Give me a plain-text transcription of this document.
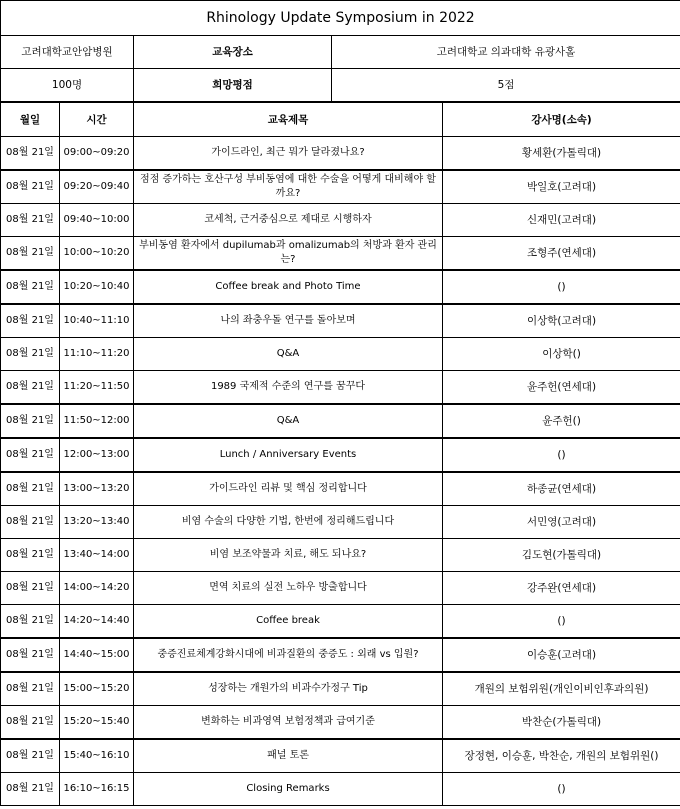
Rhinology Update Symposium in 2022				
고려대학교안암병원		교육장소	고려대학교 의과대학 유광사홀	
100명		희망평점	5점	
월일	시간	교육제목		강사명(소속)
08월 21일	09:00~09:20	가이드라인, 최근 뭐가 달라졌나요?		황세환(가톨릭대)
08월 21일	09:20~09:40	점점 증가하는 호산구성 부비동염에 대한 수술을 어떻게 대비해야 할까요?		박일호(고려대)
08월 21일	09:40~10:00	코세척, 근거중심으로 제대로 시행하자		신재민(고려대)
08월 21일	10:00~10:20	부비동염 환자에서 dupilumab과 omalizumab의 처방과 환자 관리는?		조형주(연세대)
08월 21일	10:20~10:40	Coffee break and Photo Time		()
08월 21일	10:40~11:10	나의 좌충우돌 연구를 돌아보며		이상학(고려대)
08월 21일	11:10~11:20	Q&A		이상학()
08월 21일	11:20~11:50	1989 국제적 수준의 연구를 꿈꾸다		윤주헌(연세대)
08월 21일	11:50~12:00	Q&A		윤주헌()
08월 21일	12:00~13:00	Lunch / Anniversary Events		()
08월 21일	13:00~13:20	가이드라인 리뷰 및 핵심 정리합니다		하종균(연세대)
08월 21일	13:20~13:40	비염 수술의 다양한 기법, 한번에 정리해드립니다		서민영(고려대)
08월 21일	13:40~14:00	비염 보조약물과 치료, 해도 되나요?		김도현(가톨릭대)
08월 21일	14:00~14:20	면역 치료의 실전 노하우 방출합니다		강주완(연세대)
08월 21일	14:20~14:40	Coffee break		()
08월 21일	14:40~15:00	중증진료체계강화시대에 비과질환의 중증도 : 외래 vs 입원?		이승훈(고려대)
08월 21일	15:00~15:20	성장하는 개원가의 비과수가정구 Tip		개원의 보험위원(개인이비인후과의원)
08월 21일	15:20~15:40	변화하는 비과영역 보험정책과 급여기준		박찬순(가톨릭대)
08월 21일	15:40~16:10	패널 토론		장정현, 이승훈, 박찬순, 개원의 보험위원()
08월 21일	16:10~16:15	Closing Remarks		()
